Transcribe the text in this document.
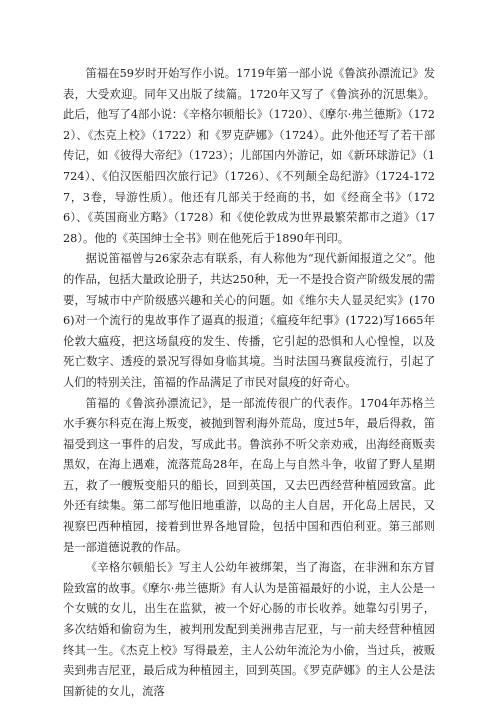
笛福在59岁时开始写作小说。1719年第一部小说《鲁滨孙漂流记》发表，大受欢迎。同年又出版了续篇。1720年又写了《鲁滨孙的沉思集》。此后，他写了4部小说：《辛格尔顿船长》（1720）、《摩尔·弗兰德斯》（1722）、《杰克上校》（1722）和《罗克萨娜》（1724）。此外他还写了若干部传记，如《彼得大帝纪》（1723）；儿部国内外游记，如《新环球游记》（1724）、《伯汉医船四次旅行记》（1726）、《不列颠全岛纪游》（1724-1727，3卷，导游性质）。他还有几部关于经商的书，如《经商全书》（1726）、《英国商业方略》（1728）和《使伦敦成为世界最繁荣都市之道》（1728）。他的《英国绅士全书》则在他死后于1890年刊印。

据说笛福曾与26家杂志有联系，有人称他为“现代新闻报道之父”。他的作品，包括大量政论册子，共达250种，无一不是投合资产阶级发展的需要，写城市中产阶级感兴趣和关心的问题。如《维尔夫人显灵纪实》(1706)对一个流行的鬼故事作了逼真的报道；《瘟疫年纪事》(1722)写1665年伦敦大瘟疫，把这场鼠疫的发生、传播，它引起的恐惧和人心惶惶，以及死亡数字、透疫的景况写得如身临其境。当时法国马赛鼠疫流行，引起了人们的特别关注，笛福的作品满足了市民对鼠疫的好奇心。

笛福的《鲁滨孙漂流记》，是一部流传很广的代表作。1704年苏格兰水手赛尔科克在海上叛变，被抛到智利海外荒岛，度过5年，最后得救，笛福受到这一事件的启发，写成此书。鲁滨孙不听父亲劝戒，出海经商贩卖黑奴，在海上遇难，流落荒岛28年，在岛上与自然斗争，收留了野人星期五，救了一艘叛变船只的船长，回到英国，又去巴西经营种植园致富。此外还有续集。第二部写他旧地重游，以岛的主人自居，开化岛上居民，又视察巴西种植园，接着到世界各地冒险，包括中国和西伯利亚。第三部则是一部道德说教的作品。

《辛格尔顿船长》写主人公幼年被绑架，当了海盗，在非洲和东方冒险致富的故事。《摩尔·弗兰德斯》有人认为是笛福最好的小说，主人公是一个女贼的女儿，出生在监狱，被一个好心肠的市长收养。她靠勾引男子，多次结婚和偷窃为生，被判刑发配到美洲弗吉尼亚，与一前夫经营种植园终其一生。《杰克上校》写得最差，主人公幼年流沦为小偷，当过兵，被贩卖到弗吉尼亚，最后成为种植园主，回到英国。《罗克萨娜》的主人公是法国新徒的女儿，流落
